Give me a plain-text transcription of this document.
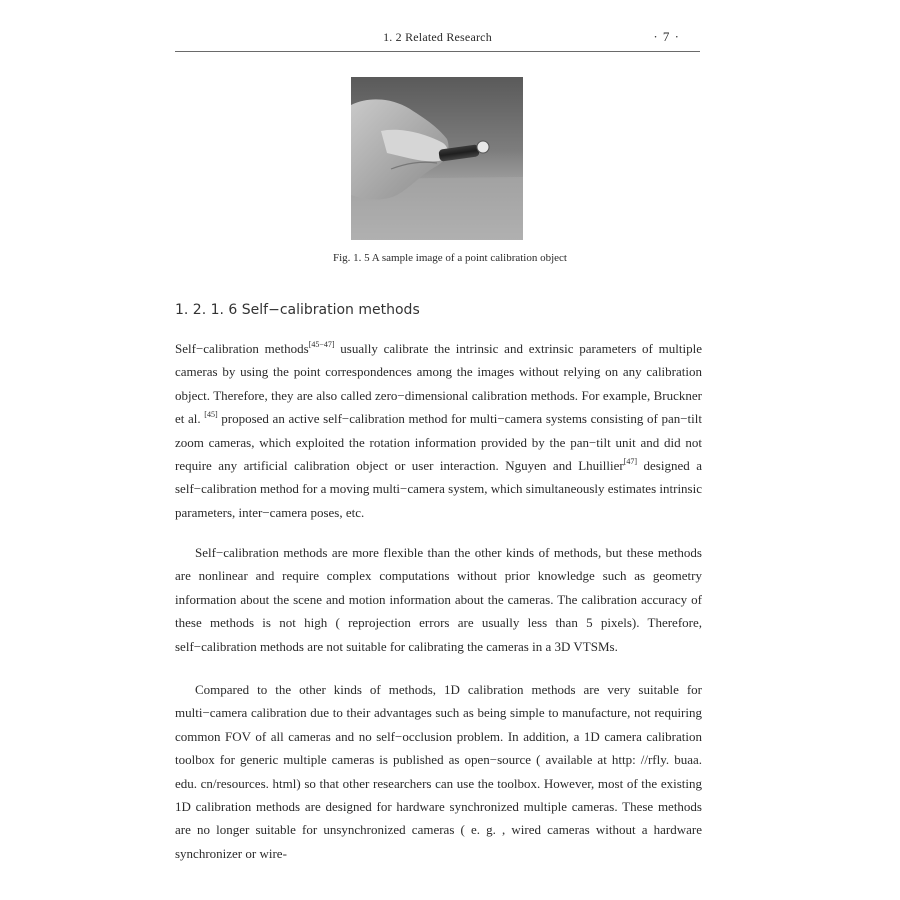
1. 2 Related Research	· 7 ·
Fig. 1. 5 A sample image of a point calibration object
1. 2. 1. 6 Self−calibration methods

Self−calibration methods[45−47] usually calibrate the intrinsic and extrinsic parameters of multiple cameras by using the point correspondences among the images without relying on any calibration object. Therefore, they are also called zero−dimensional calibration methods. For example, Bruckner et al. [45] proposed an active self−calibration method for multi−camera systems consisting of pan−tilt zoom cameras, which exploited the rotation information provided by the pan−tilt unit and did not require any artificial calibration object or user interaction. Nguyen and Lhuillier[47] designed a self−calibration method for a moving multi−camera system, which simultaneously estimates intrinsic parameters, inter−camera poses, etc.

Self−calibration methods are more flexible than the other kinds of methods, but these methods are nonlinear and require complex computations without prior knowledge such as geometry information about the scene and motion information about the cameras. The calibration accuracy of these methods is not high ( reprojection errors are usually less than 5 pixels). Therefore, self−calibration methods are not suitable for calibrating the cameras in a 3D VTSMs.

Compared to the other kinds of methods, 1D calibration methods are very suitable for multi−camera calibration due to their advantages such as being simple to manufacture, not requiring common FOV of all cameras and no self−occlusion problem. In addition, a 1D camera calibration toolbox for generic multiple cameras is published as open−source ( available at http: //rfly. buaa. edu. cn/resources. html) so that other researchers can use the toolbox. However, most of the existing 1D calibration methods are designed for hardware synchronized multiple cameras. These methods are no longer suitable for unsynchronized cameras ( e. g. , wired cameras without a hardware synchronizer or wire-
